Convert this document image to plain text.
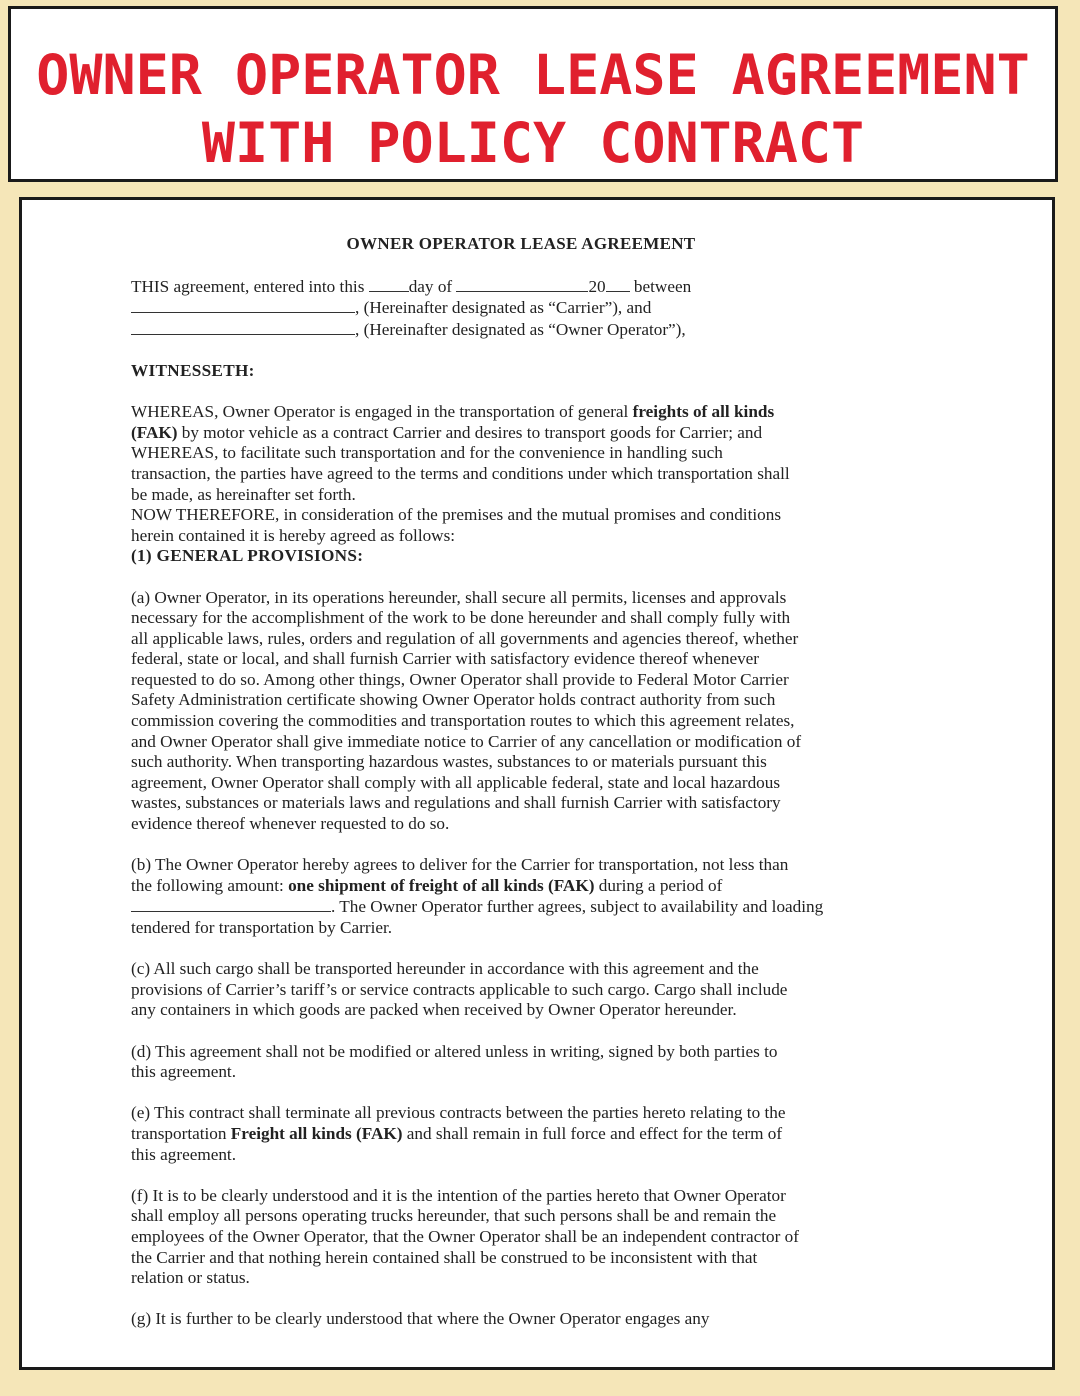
OWNER OPERATOR LEASE AGREEMENT
WITH POLICY CONTRACT
OWNER OPERATOR LEASE AGREEMENT
THIS agreement, entered into this	day of	20 between
, (Hereinafter designated as “Carrier”), and
, (Hereinafter designated as “Owner Operator”),
WITNESSETH:
WHEREAS, Owner Operator is engaged in the transportation of general freights of all kinds
(FAK) by motor vehicle as a contract Carrier and desires to transport goods for Carrier; and
WHEREAS, to facilitate such transportation and for the convenience in handling such
transaction, the parties have agreed to the terms and conditions under which transportation shall
be made, as hereinafter set forth.
NOW THEREFORE, in consideration of the premises and the mutual promises and conditions
herein contained it is hereby agreed as follows:
(1) GENERAL PROVISIONS:
(a) Owner Operator, in its operations hereunder, shall secure all permits, licenses and approvals
necessary for the accomplishment of the work to be done hereunder and shall comply fully with
all applicable laws, rules, orders and regulation of all governments and agencies thereof, whether
federal, state or local, and shall furnish Carrier with satisfactory evidence thereof whenever
requested to do so. Among other things, Owner Operator shall provide to Federal Motor Carrier
Safety Administration certificate showing Owner Operator holds contract authority from such
commission covering the commodities and transportation routes to which this agreement relates,
and Owner Operator shall give immediate notice to Carrier of any cancellation or modification of
such authority. When transporting hazardous wastes, substances to or materials pursuant this
agreement, Owner Operator shall comply with all applicable federal, state and local hazardous
wastes, substances or materials laws and regulations and shall furnish Carrier with satisfactory
evidence thereof whenever requested to do so.
(b) The Owner Operator hereby agrees to deliver for the Carrier for transportation, not less than
the following amount: one shipment of freight of all kinds (FAK) during a period of
. The Owner Operator further agrees, subject to availability and loading
tendered for transportation by Carrier.
(c) All such cargo shall be transported hereunder in accordance with this agreement and the
provisions of Carrier’s tariff’s or service contracts applicable to such cargo. Cargo shall include
any containers in which goods are packed when received by Owner Operator hereunder.
(d) This agreement shall not be modified or altered unless in writing, signed by both parties to
this agreement.
(e) This contract shall terminate all previous contracts between the parties hereto relating to the
transportation Freight all kinds (FAK) and shall remain in full force and effect for the term of
this agreement.
(f) It is to be clearly understood and it is the intention of the parties hereto that Owner Operator
shall employ all persons operating trucks hereunder, that such persons shall be and remain the
employees of the Owner Operator, that the Owner Operator shall be an independent contractor of
the Carrier and that nothing herein contained shall be construed to be inconsistent with that
relation or status.
(g) It is further to be clearly understood that where the Owner Operator engages any
